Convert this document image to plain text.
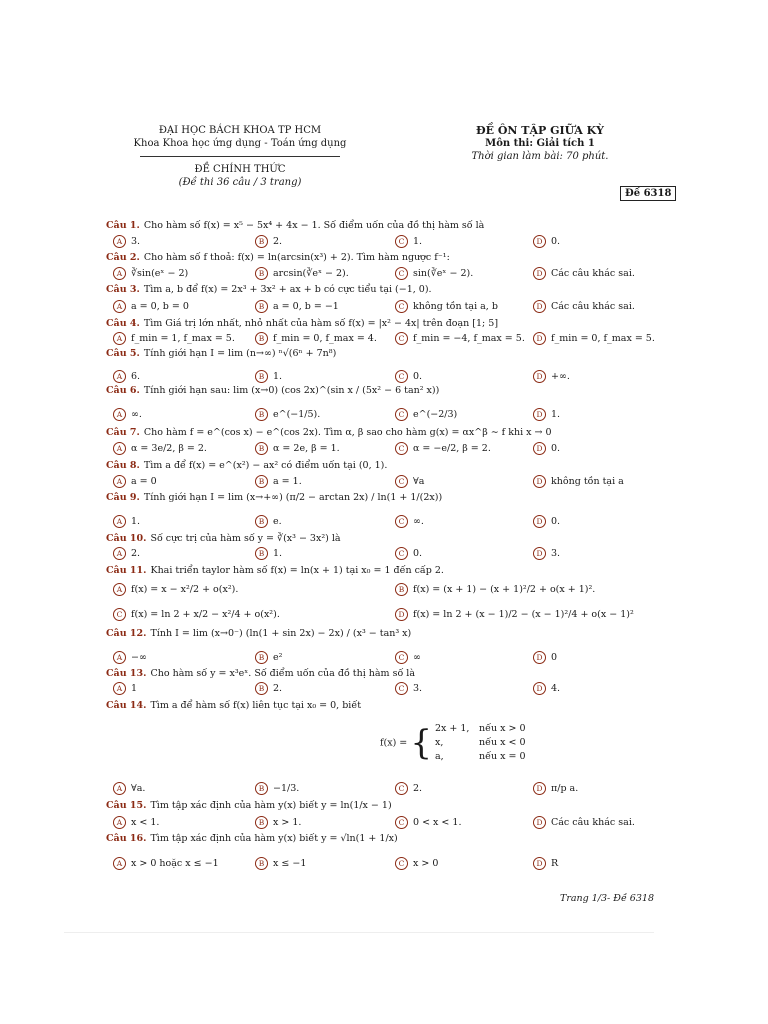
ĐẠI HỌC BÁCH KHOA TP HCM
Khoa Khoa học ứng dụng - Toán ứng dụng
ĐỀ CHÍNH THỨC
(Đề thi 36 câu / 3 trang)
ĐỀ ÔN TẬP GIỮA KỲ
Môn thi: Giải tích 1
Thời gian làm bài: 70 phút.
Đề 6318
Câu 1. Cho hàm số f(x) = x⁵ − 5x⁴ + 4x − 1. Số điểm uốn của đồ thị hàm số là
A 3.	B 2.	C 1.	D 0.
Câu 2. Cho hàm số f thoả: f(x) = ln(arcsin(x³) + 2). Tìm hàm ngược f⁻¹:
A ∛sin(eˣ − 2)	B arcsin(∛eˣ − 2).	C sin(∛eˣ − 2).	D Các câu khác sai.
Câu 3. Tìm a, b để f(x) = 2x³ + 3x² + ax + b có cực tiểu tại (−1, 0).
A a = 0, b = 0	B a = 0, b = −1	C không tồn tại a, b	D Các câu khác sai.
Câu 4. Tìm Giá trị lớn nhất, nhỏ nhất của hàm số f(x) = |x² − 4x| trên đoạn [1; 5]
A f_min = 1, f_max = 5.	B f_min = 0, f_max = 4.	C f_min = −4, f_max = 5.	D f_min = 0, f_max = 5.
Câu 5. Tính giới hạn I = lim (n→∞) ⁿ√(6ⁿ + 7n⁸)
A 6.	B 1.	C 0.	D +∞.
Câu 6. Tính giới hạn sau: lim (x→0) (cos 2x)^(sin x / (5x² − 6 tan² x))
A ∞.	B e^(−1/5).	C e^(−2/3)	D 1.
Câu 7. Cho hàm f = e^(cos x) − e^(cos 2x). Tìm α, β sao cho hàm g(x) = αx^β ∼ f khi x → 0
A α = 3e/2, β = 2.	B α = 2e, β = 1.	C α = −e/2, β = 2.	D 0.
Câu 8. Tìm a để f(x) = e^(x²) − ax² có điểm uốn tại (0, 1).
A a = 0	B a = 1.	C ∀a	D không tồn tại a
Câu 9. Tính giới hạn I = lim (x→+∞) (π/2 − arctan 2x) / ln(1 + 1/(2x))
A 1.	B e.	C ∞.	D 0.
Câu 10. Số cực trị của hàm số y = ∛(x³ − 3x²) là
A 2.	B 1.	C 0.	D 3.
Câu 11. Khai triển taylor hàm số f(x) = ln(x + 1) tại x₀ = 1 đến cấp 2.
A f(x) = x − x²/2 + o(x²).	B f(x) = (x + 1) − (x + 1)²/2 + o(x + 1)².
C f(x) = ln 2 + x/2 − x²/4 + o(x²).	D f(x) = ln 2 + (x − 1)/2 − (x − 1)²/4 + o(x − 1)²
Câu 12. Tính I = lim (x→0⁻) (ln(1 + sin 2x) − 2x) / (x³ − tan³ x)
A −∞	B e²	C ∞	D 0
Câu 13. Cho hàm số y = x³eˣ. Số điểm uốn của đồ thị hàm số là
A 1	B 2.	C 3.	D 4.
Câu 14. Tìm a để hàm số f(x) liên tục tại x₀ = 0, biết
A ∀a.	B −1/3.	C 2.	D π/p a.
Câu 15. Tìm tập xác định của hàm y(x) biết y = ln(1/x − 1)
A x < 1.	B x > 1.	C 0 < x < 1.	D Các câu khác sai.
Câu 16. Tìm tập xác định của hàm y(x) biết y = √ln(1 + 1/x)
A x > 0 hoặc x ≤ −1	B x ≤ −1	C x > 0	D R
f(x) = { 2x + 1, nếu x > 0
x,	nếu x < 0
a,	nếu x = 0
Trang 1/3- Đề 6318
